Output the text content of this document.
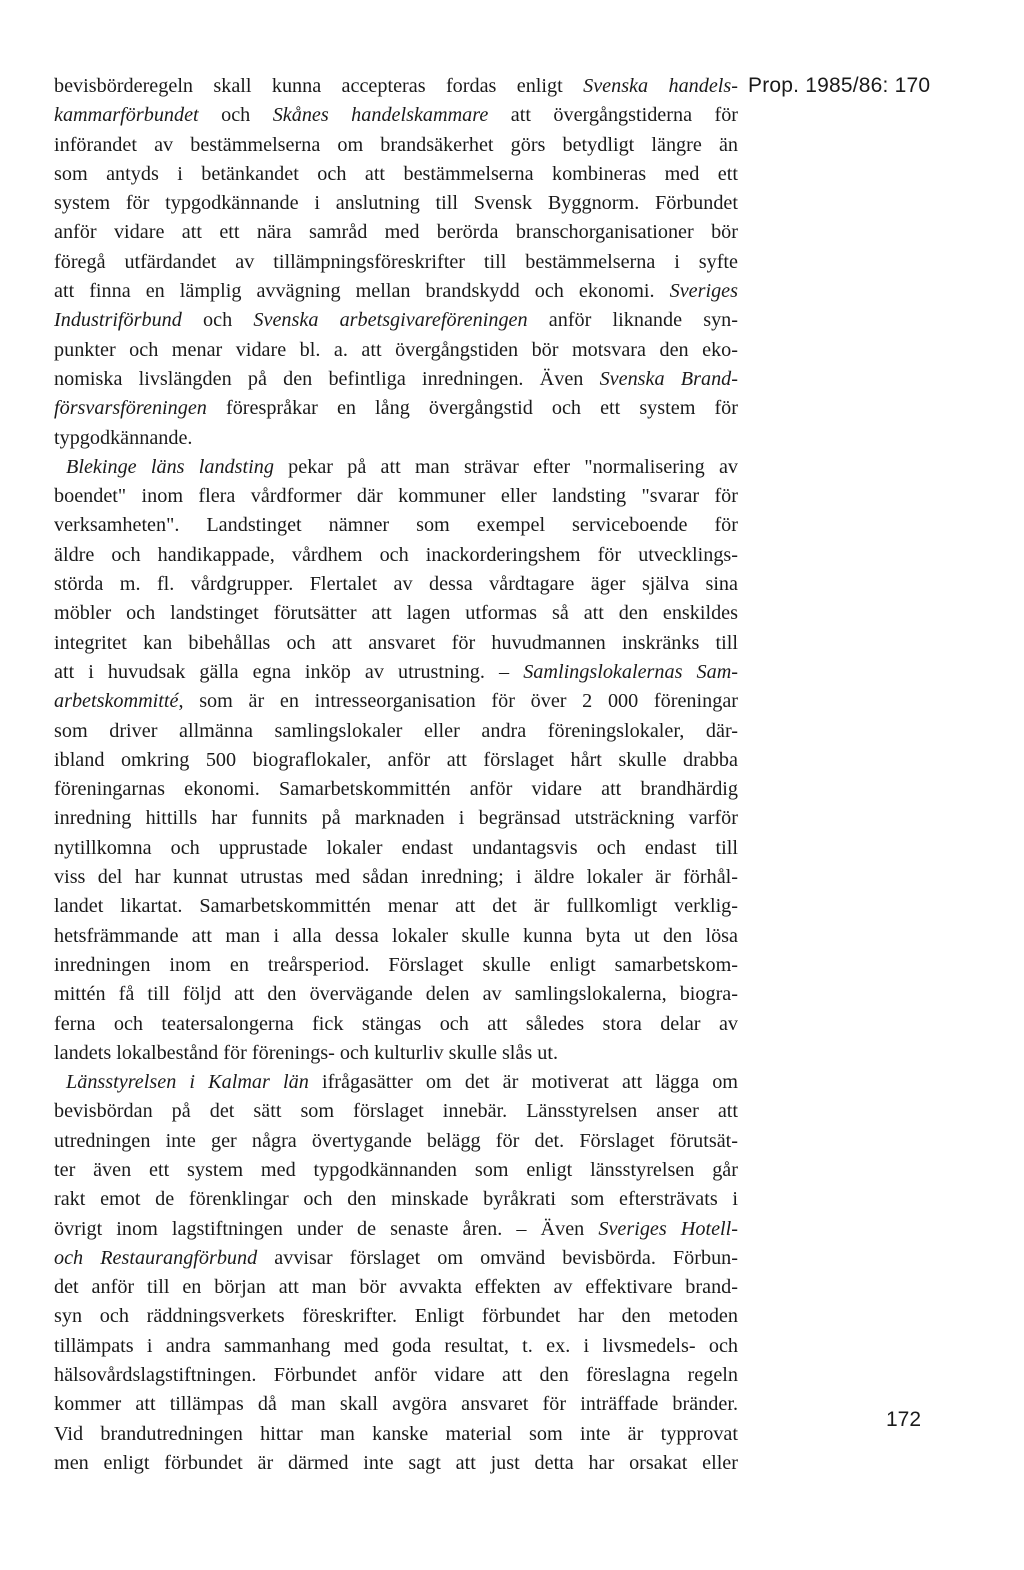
Prop. 1985/86: 170
bevisbörderegeln skall kunna accepteras fordas enligt Svenska handels-
kammarförbundet och Skånes handelskammare att övergångstiderna för
införandet av bestämmelserna om brandsäkerhet görs betydligt längre än
som antyds i betänkandet och att bestämmelserna kombineras med ett
system för typgodkännande i anslutning till Svensk Byggnorm. Förbundet
anför vidare att ett nära samråd med berörda branschorganisationer bör
föregå utfärdandet av tillämpningsföreskrifter till bestämmelserna i syfte
att finna en lämplig avvägning mellan brandskydd och ekonomi. Sveriges
Industriförbund och Svenska arbetsgivareföreningen anför liknande syn-
punkter och menar vidare bl. a. att övergångstiden bör motsvara den eko-
nomiska livslängden på den befintliga inredningen. Även Svenska Brand-
försvarsföreningen förespråkar en lång övergångstid och ett system för
typgodkännande.
Blekinge läns landsting pekar på att man strävar efter "normalisering av
boendet" inom flera vårdformer där kommuner eller landsting "svarar för
verksamheten". Landstinget nämner som exempel serviceboende för
äldre och handikappade, vårdhem och inackorderingshem för utvecklings-
störda m. fl. vårdgrupper. Flertalet av dessa vårdtagare äger själva sina
möbler och landstinget förutsätter att lagen utformas så att den enskildes
integritet kan bibehållas och att ansvaret för huvudmannen inskränks till
att i huvudsak gälla egna inköp av utrustning. – Samlingslokalernas Sam-
arbetskommitté, som är en intresseorganisation för över 2 000 föreningar
som driver allmänna samlingslokaler eller andra föreningslokaler, där-
ibland omkring 500 biograflokaler, anför att förslaget hårt skulle drabba
föreningarnas ekonomi. Samarbetskommittén anför vidare att brandhärdig
inredning hittills har funnits på marknaden i begränsad utsträckning varför
nytillkomna och upprustade lokaler endast undantagsvis och endast till
viss del har kunnat utrustas med sådan inredning; i äldre lokaler är förhål-
landet likartat. Samarbetskommittén menar att det är fullkomligt verklig-
hetsfrämmande att man i alla dessa lokaler skulle kunna byta ut den lösa
inredningen inom en treårsperiod. Förslaget skulle enligt samarbetskom-
mittén få till följd att den övervägande delen av samlingslokalerna, biogra-
ferna och teatersalongerna fick stängas och att således stora delar av
landets lokalbestånd för förenings- och kulturliv skulle slås ut.
Länsstyrelsen i Kalmar län ifrågasätter om det är motiverat att lägga om
bevisbördan på det sätt som förslaget innebär. Länsstyrelsen anser att
utredningen inte ger några övertygande belägg för det. Förslaget förutsät-
ter även ett system med typgodkännanden som enligt länsstyrelsen går
rakt emot de förenklingar och den minskade byråkrati som eftersträvats i
övrigt inom lagstiftningen under de senaste åren. – Även Sveriges Hotell-
och Restaurangförbund avvisar förslaget om omvänd bevisbörda. Förbun-
det anför till en början att man bör avvakta effekten av effektivare brand-
syn och räddningsverkets föreskrifter. Enligt förbundet har den metoden
tillämpats i andra sammanhang med goda resultat, t. ex. i livsmedels- och
hälsovårdslagstiftningen. Förbundet anför vidare att den föreslagna regeln
kommer att tillämpas då man skall avgöra ansvaret för inträffade bränder.
Vid brandutredningen hittar man kanske material som inte är typprovat
men enligt förbundet är därmed inte sagt att just detta har orsakat eller
172
